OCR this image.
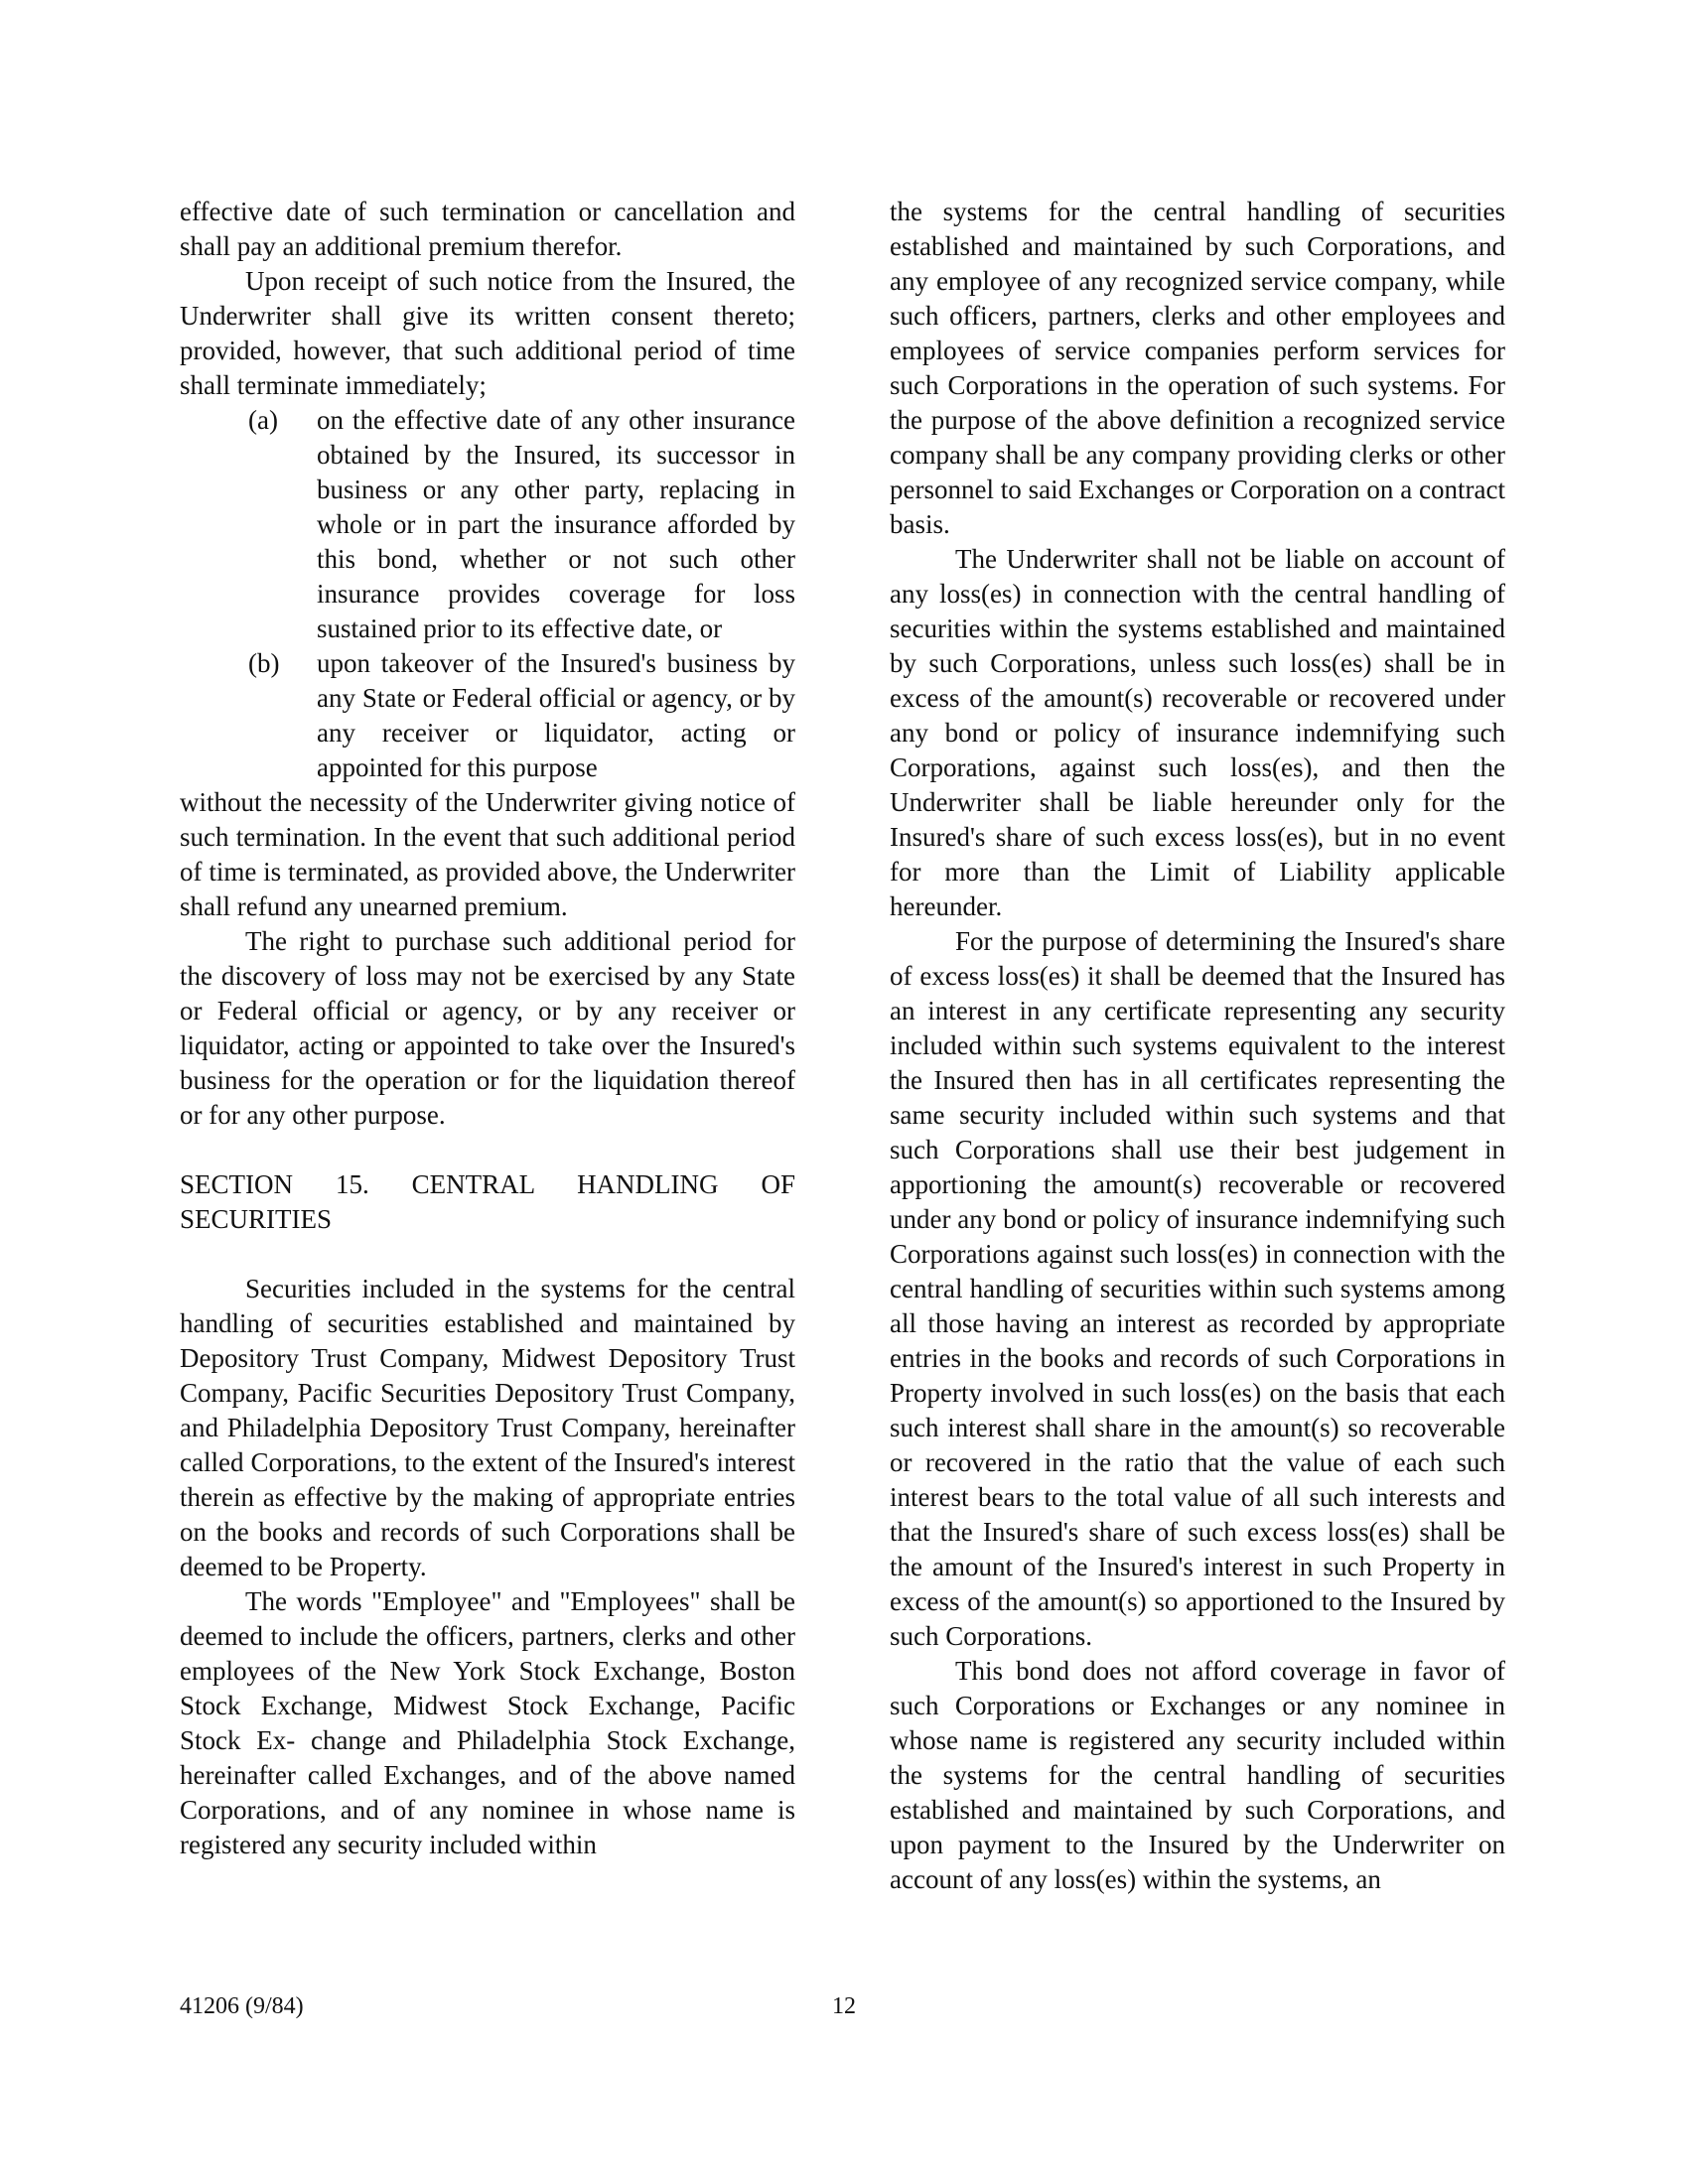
effective date of such termination or cancellation and shall pay an additional premium therefor.

Upon receipt of such notice from the Insured, the Underwriter shall give its written consent thereto; provided, however, that such additional period of time shall terminate immediately;

(a)	on the effective date of any other insurance obtained by the Insured, its successor in business or any other party, replacing in whole or in part the insurance afforded by this bond, whether or not such other insurance provides coverage for loss sustained prior to its effective date, or
(b)	upon takeover of the Insured's business by any State or Federal official or agency, or by any receiver or liquidator, acting or appointed for this purpose

without the necessity of the Underwriter giving notice of such termination. In the event that such additional period of time is terminated, as provided above, the Underwriter shall refund any unearned premium.

The right to purchase such additional period for the discovery of loss may not be exercised by any State or Federal official or agency, or by any receiver or liquidator, acting or appointed to take over the Insured's business for the operation or for the liquidation thereof or for any other purpose.

SECTION 15. CENTRAL HANDLING OF SECURITIES

Securities included in the systems for the central handling of securities established and maintained by Depository Trust Company, Midwest Depository Trust Company, Pacific Securities Depository Trust Company, and Philadelphia Depository Trust Company, hereinafter called Corporations, to the extent of the Insured's interest therein as effective by the making of appropriate entries on the books and records of such Corporations shall be deemed to be Property.

The words "Employee" and "Employees" shall be deemed to include the officers, partners, clerks and other employees of the New York Stock Exchange, Boston Stock Exchange, Midwest Stock Exchange, Pacific Stock Ex- change and Philadelphia Stock Exchange, hereinafter called Exchanges, and of the above named Corporations, and of any nominee in whose name is registered any security included within

the systems for the central handling of securities established and maintained by such Corporations, and any employee of any recognized service company, while such officers, partners, clerks and other employees and employees of service companies perform services for such Corporations in the operation of such systems. For the purpose of the above definition a recognized service company shall be any company providing clerks or other personnel to said Exchanges or Corporation on a contract basis.

The Underwriter shall not be liable on account of any loss(es) in connection with the central handling of securities within the systems established and maintained by such Corporations, unless such loss(es) shall be in excess of the amount(s) recoverable or recovered under any bond or policy of insurance indemnifying such Corporations, against such loss(es), and then the Underwriter shall be liable hereunder only for the Insured's share of such excess loss(es), but in no event for more than the Limit of Liability applicable hereunder.

For the purpose of determining the Insured's share of excess loss(es) it shall be deemed that the Insured has an interest in any certificate representing any security included within such systems equivalent to the interest the Insured then has in all certificates representing the same security included within such systems and that such Corporations shall use their best judgement in apportioning the amount(s) recoverable or recovered under any bond or policy of insurance indemnifying such Corporations against such loss(es) in connection with the central handling of securities within such systems among all those having an interest as recorded by appropriate entries in the books and records of such Corporations in Property involved in such loss(es) on the basis that each such interest shall share in the amount(s) so recoverable or recovered in the ratio that the value of each such interest bears to the total value of all such interests and that the Insured's share of such excess loss(es) shall be the amount of the Insured's interest in such Property in excess of the amount(s) so apportioned to the Insured by such Corporations.

This bond does not afford coverage in favor of such Corporations or Exchanges or any nominee in whose name is registered any security included within the systems for the central handling of securities established and maintained by such Corporations, and upon payment to the Insured by the Underwriter on account of any loss(es) within the systems, an

41206 (9/84)	12
